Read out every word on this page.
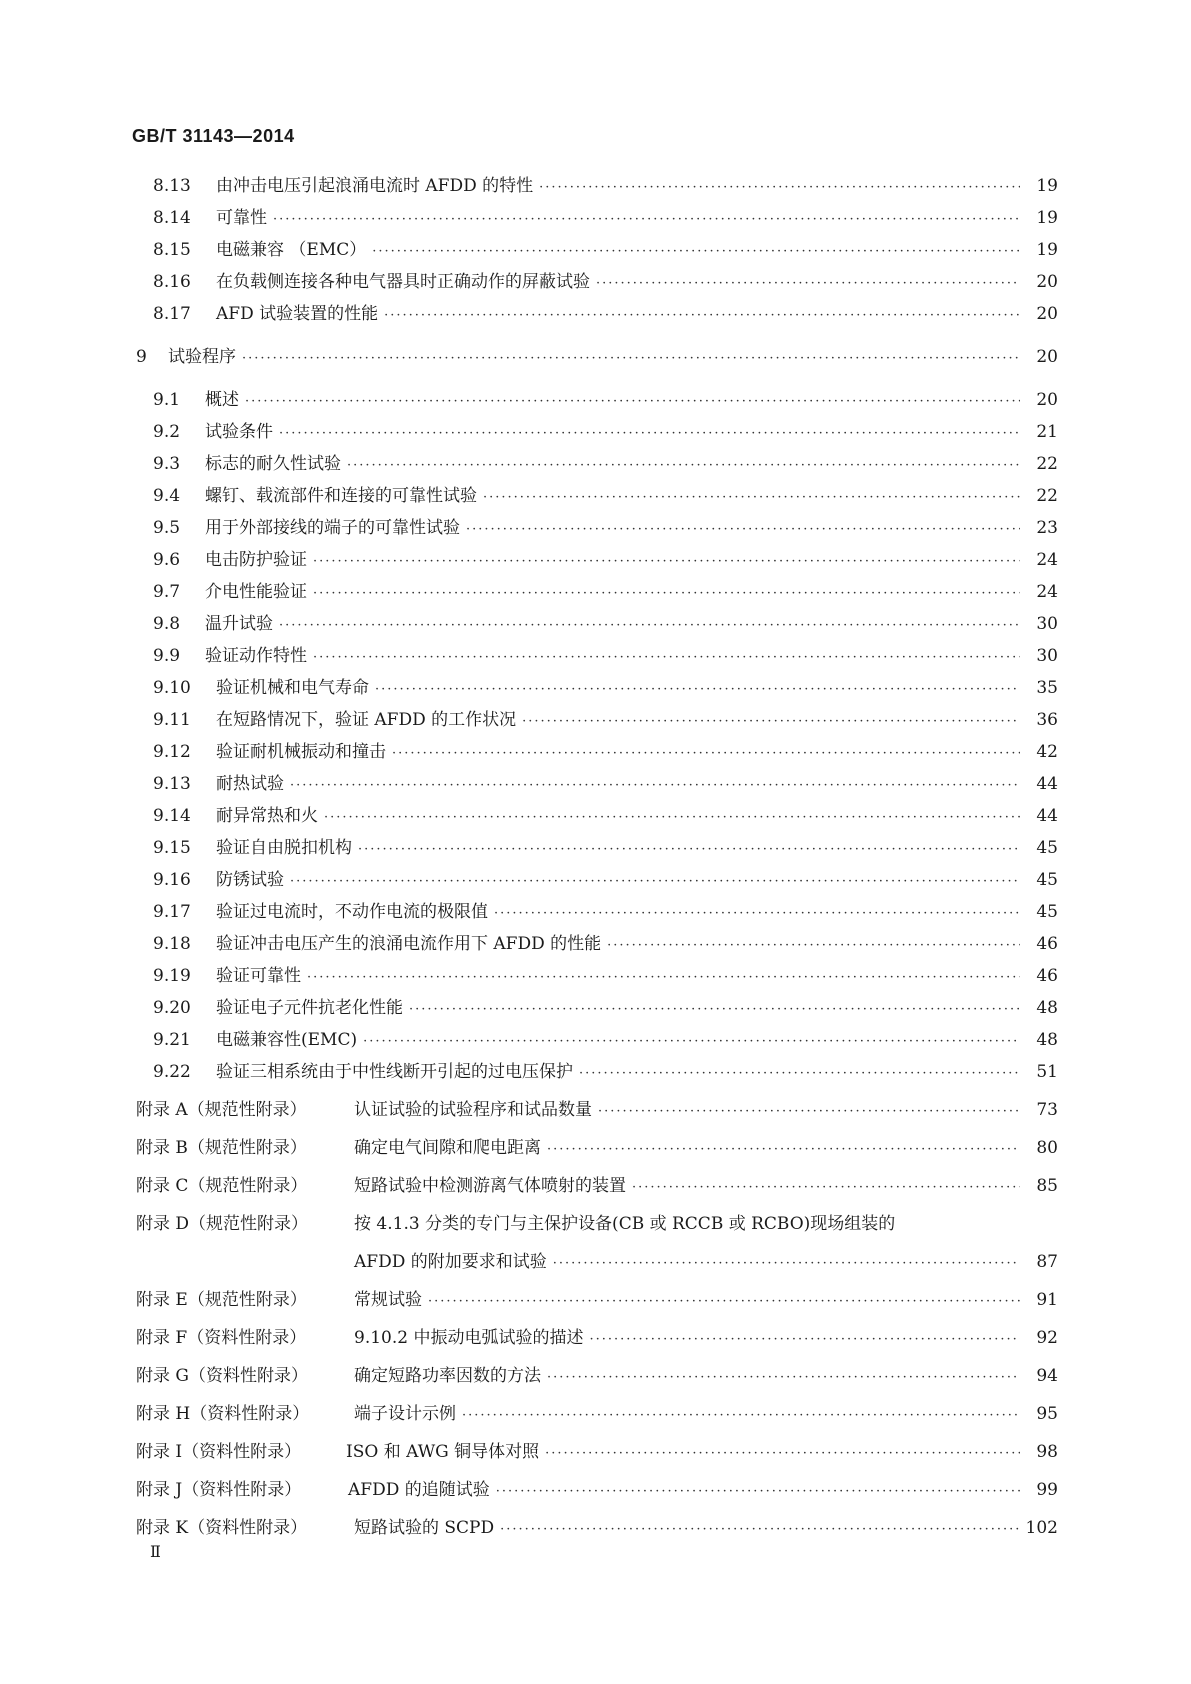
GB/T 31143—2014
8.13	由冲击电压引起浪涌电流时 AFDD 的特性 ·····	19
8.14	可靠性 ·····	19
8.15	电磁兼容 （EMC） ·····	19
8.16	在负载侧连接各种电气器具时正确动作的屏蔽试验 ·····	20
8.17	AFD 试验装置的性能 ·····	20
9	试验程序 ·····	20
9.1	概述 ·····	20
9.2	试验条件 ·····	21
9.3	标志的耐久性试验 ·····	22
9.4	螺钉、载流部件和连接的可靠性试验 ·····	22
9.5	用于外部接线的端子的可靠性试验 ·····	23
9.6	电击防护验证 ·····	24
9.7	介电性能验证 ·····	24
9.8	温升试验 ·····	30
9.9	验证动作特性 ·····	30
9.10	验证机械和电气寿命 ·····	35
9.11	在短路情况下，验证 AFDD 的工作状况 ·····	36
9.12	验证耐机械振动和撞击 ·····	42
9.13	耐热试验 ·····	44
9.14	耐异常热和火 ·····	44
9.15	验证自由脱扣机构 ·····	45
9.16	防锈试验 ·····	45
9.17	验证过电流时，不动作电流的极限值 ·····	45
9.18	验证冲击电压产生的浪涌电流作用下 AFDD 的性能 ·····	46
9.19	验证可靠性 ·····	46
9.20	验证电子元件抗老化性能 ·····	48
9.21	电磁兼容性(EMC) ·····	48
9.22	验证三相系统由于中性线断开引起的过电压保护 ·····	51
附录 A（规范性附录）	认证试验的试验程序和试品数量 ·····	73
附录 B（规范性附录）	确定电气间隙和爬电距离 ·····	80
附录 C（规范性附录）	短路试验中检测游离气体喷射的装置 ·····	85
附录 D（规范性附录）	按 4.1.3 分类的专门与主保护设备(CB 或 RCCB 或 RCBO)现场组装的
AFDD 的附加要求和试验 ·····	87
附录 E（规范性附录）	常规试验 ·····	91
附录 F（资料性附录）	9.10.2 中振动电弧试验的描述 ·····	92
附录 G（资料性附录）	确定短路功率因数的方法 ·····	94
附录 H（资料性附录）	端子设计示例 ·····	95
附录 I（资料性附录）	ISO 和 AWG 铜导体对照 ·····	98
附录 J（资料性附录）	AFDD 的追随试验 ·····	99
附录 K（资料性附录）	短路试验的 SCPD ·····	102
Ⅱ
